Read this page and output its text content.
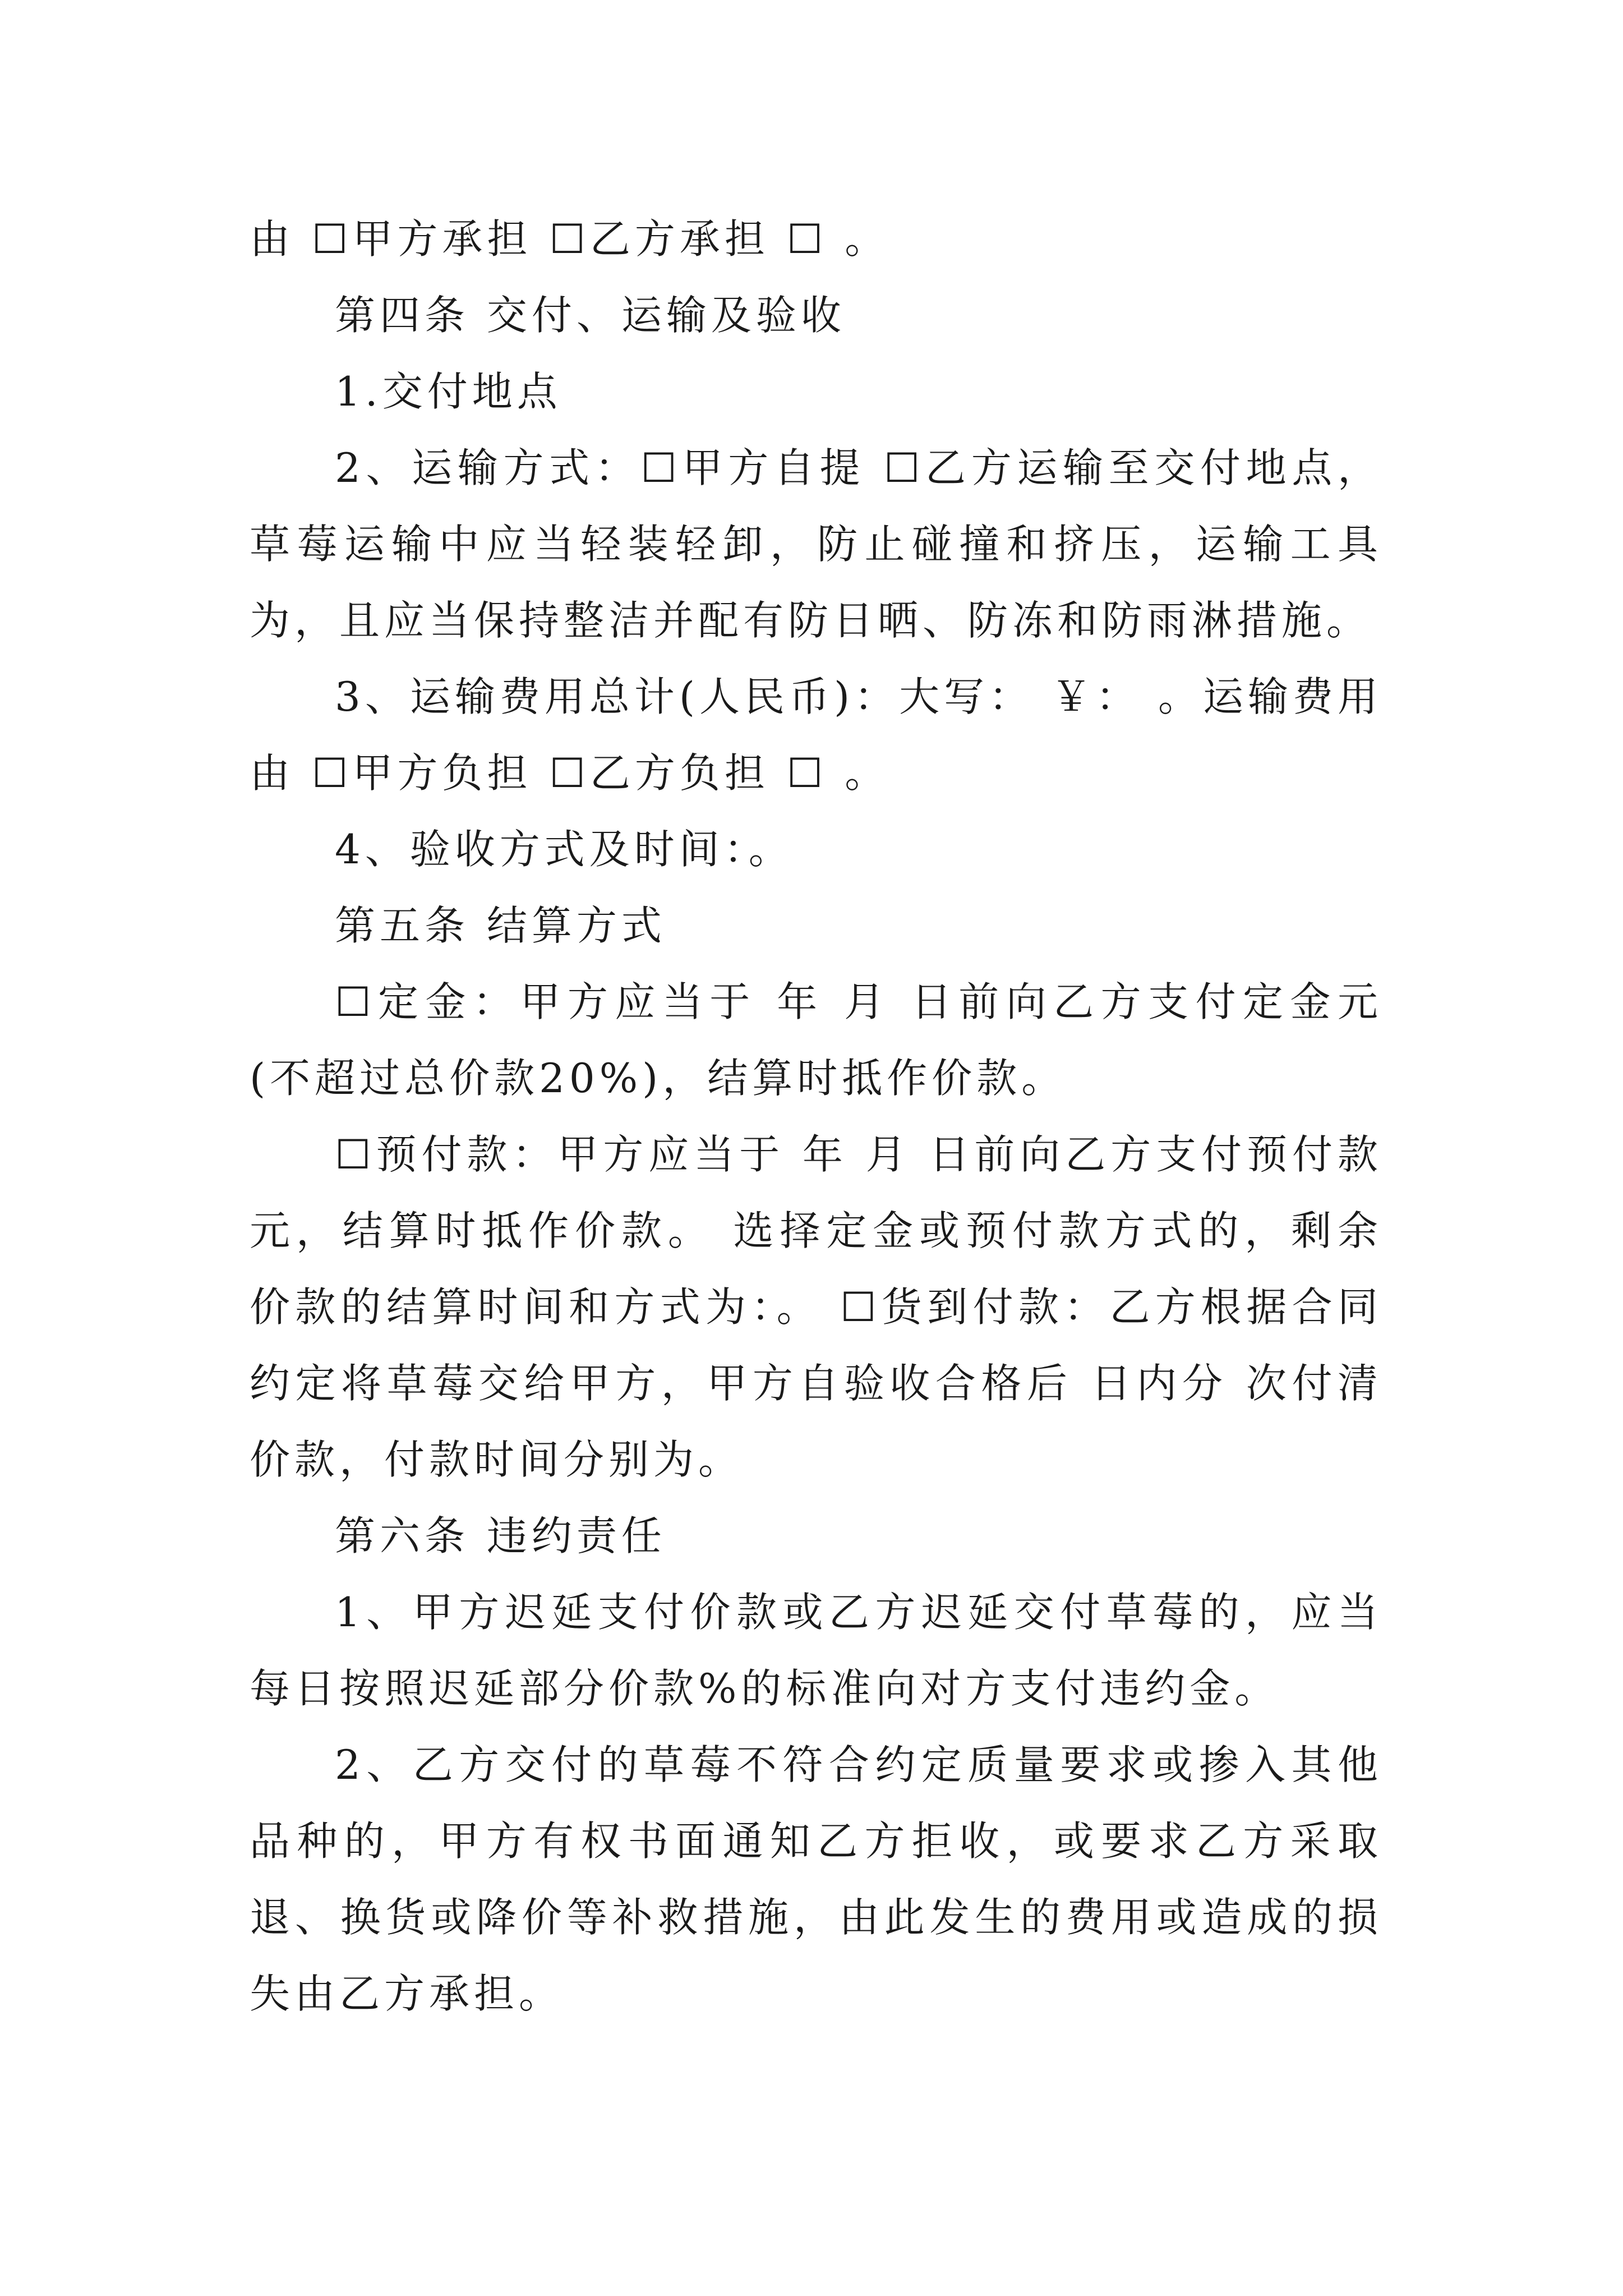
由 ☐甲方承担 ☐乙方承担 ☐ 。

第四条 交付、运输及验收

1.交付地点

2、运输方式：☐甲方自提 ☐乙方运输至交付地点，草莓运输中应当轻装轻卸，防止碰撞和挤压，运输工具为，且应当保持整洁并配有防日晒、防冻和防雨淋措施。

3、运输费用总计(人民币)：大写： ￥： 。运输费用由 ☐甲方负担 ☐乙方负担 ☐ 。

4、验收方式及时间：。

第五条 结算方式

☐定金：甲方应当于 年 月 日前向乙方支付定金元(不超过总价款20%)，结算时抵作价款。

☐预付款：甲方应当于 年 月 日前向乙方支付预付款元，结算时抵作价款。 选择定金或预付款方式的，剩余价款的结算时间和方式为：。 ☐货到付款：乙方根据合同约定将草莓交给甲方，甲方自验收合格后 日内分 次付清价款，付款时间分别为。

第六条 违约责任

1、甲方迟延支付价款或乙方迟延交付草莓的，应当每日按照迟延部分价款%的标准向对方支付违约金。

2、乙方交付的草莓不符合约定质量要求或掺入其他品种的，甲方有权书面通知乙方拒收，或要求乙方采取退、换货或降价等补救措施，由此发生的费用或造成的损失由乙方承担。
